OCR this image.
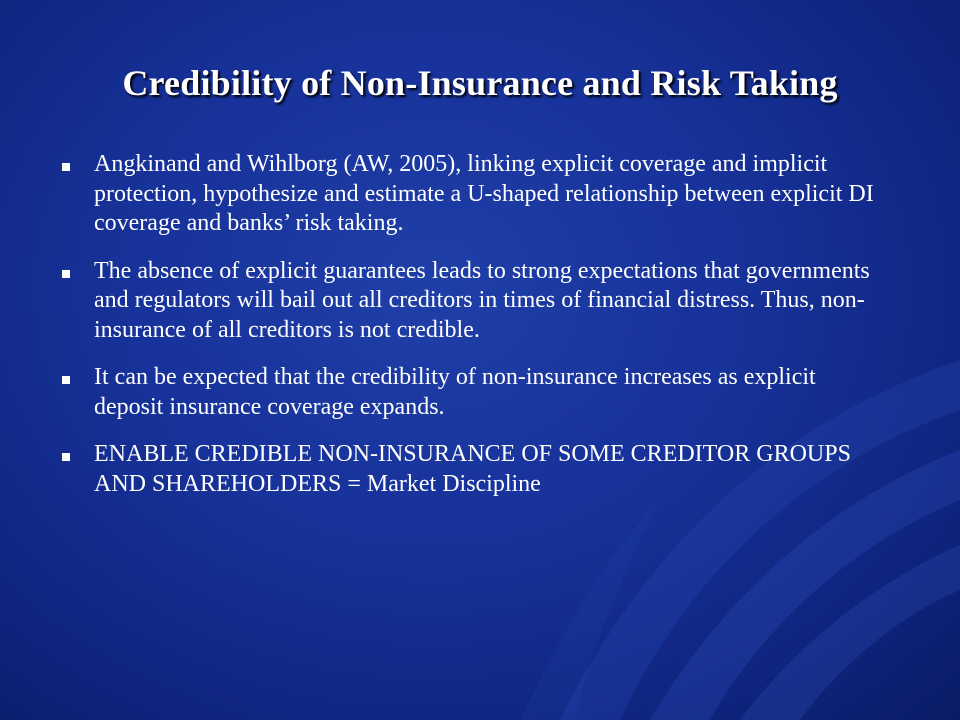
Credibility of Non-Insurance and Risk Taking
Angkinand and Wihlborg (AW, 2005), linking explicit coverage and implicit protection, hypothesize and estimate a U-shaped relationship between explicit DI coverage and banks’ risk taking.
The absence of explicit guarantees leads to strong expectations that governments and regulators will bail out all creditors in times of financial distress. Thus, non-insurance of all creditors is not credible.
It can be expected that the credibility of non-insurance increases as explicit deposit insurance coverage expands.
ENABLE CREDIBLE NON-INSURANCE OF SOME CREDITOR GROUPS AND SHAREHOLDERS = Market Discipline
